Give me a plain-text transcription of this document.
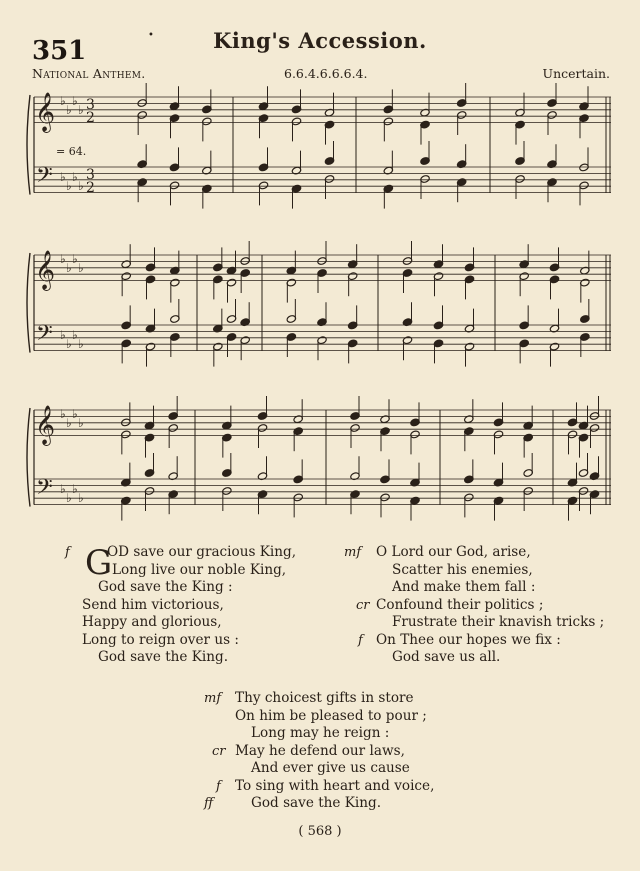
351
•	King's Accession.
National Anthem.	6.6.4.6.6.6.4.	Uncertain.
𝄞
𝄢
♭
♭
♭
♭
♭
♭
♭
♭
3
2
3
2
𝄞
𝄢
♭
♭
♭
♭
♭
♭
♭
♭
𝄞
𝄢
♭
♭
♭
♭
♭
♭
♭
♭
= 64.
G
f	OD save our gracious King,
Long live our noble King,
God save the King :
Send him victorious,
Happy and glorious,
Long to reign over us :
God save the King.
mf O Lord our God, arise,
Scatter his enemies,
And make them fall :
cr Confound their politics ;
Frustrate their knavish tricks ;
f On Thee our hopes we fix :
God save us all.
mf Thy choicest gifts in store
On him be pleased to pour ;
Long may he reign :
cr May he defend our laws,
And ever give us cause
f To sing with heart and voice,
ff	God save the King.
( 568 )
